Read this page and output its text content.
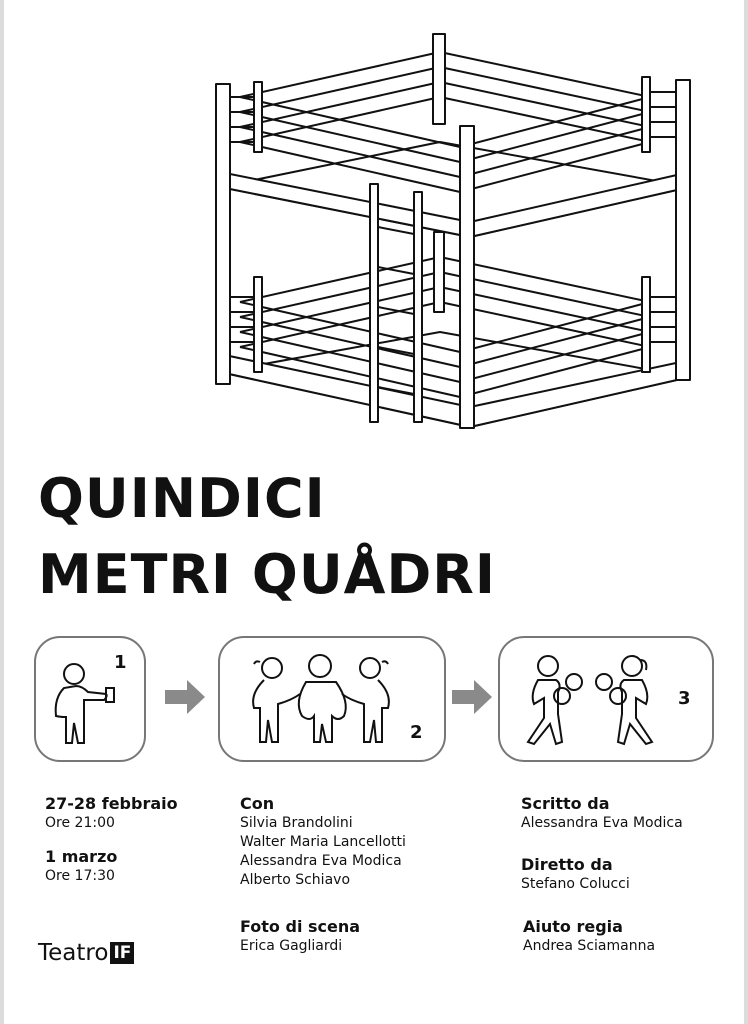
QUINDICI
METRI QUÅDRI
1
2
3
27-28 febbraio
Ore 21:00
1 marzo
Ore 17:30
Con
Silvia Brandolini
Walter Maria Lancellotti
Alessandra Eva Modica
Alberto Schiavo
Foto di scena
Erica Gagliardi
Scritto da
Alessandra Eva Modica
Diretto da
Stefano Colucci
Aiuto regia
Andrea Sciamanna
Teatro IF
